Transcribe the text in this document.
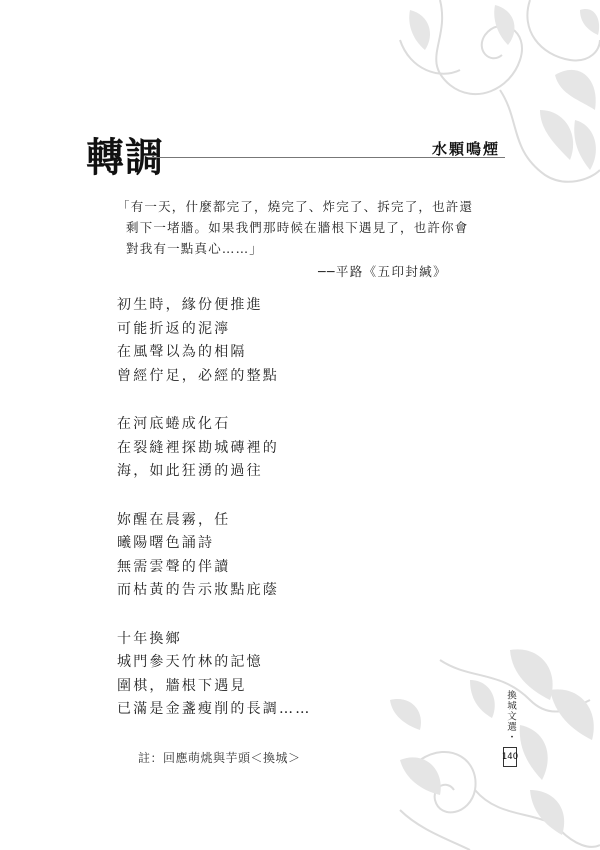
轉調	水顆鳴煙
「有一天，什麼都完了，燒完了、炸完了、拆完了，也許還
剩下一堵牆。如果我們那時候在牆根下遇見了，也許你會
對我有一點真心……」
──平路《五印封緘》
初生時，緣份便推進
可能折返的泥濘
在風聲以為的相隔
曾經佇足，必經的整點
在河底蜷成化石
在裂縫裡探勘城磚裡的
海，如此狂湧的過往
妳醒在晨霧，任
曦陽曙色誦詩
無需雲聲的伴讀
而枯黃的告示妝點庇蔭
十年換鄉
城門參天竹林的記憶
圍棋，牆根下遇見
已滿是金盞瘦削的長調……
註：回應萌烑與芋頭＜換城＞
換城文選・
140
